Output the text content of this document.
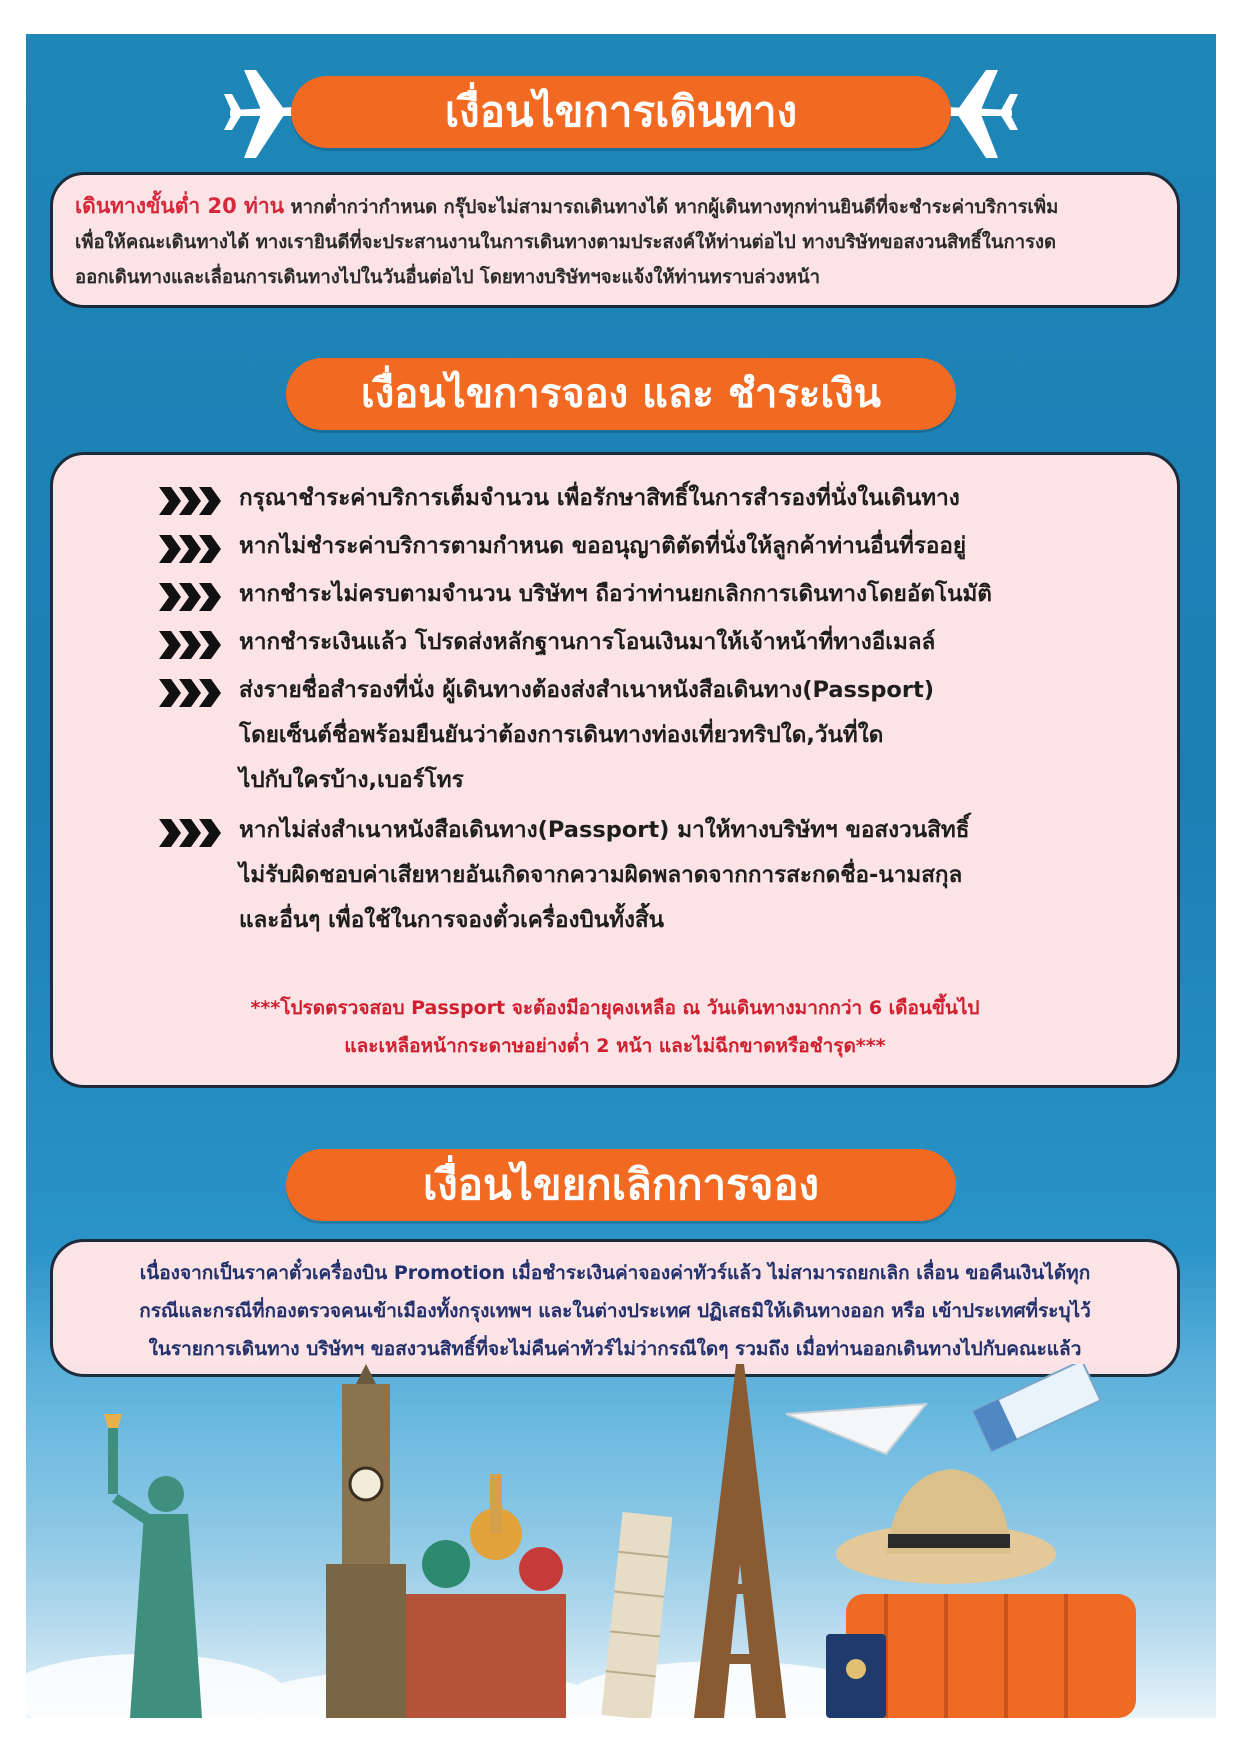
เงื่อนไขการเดินทาง

เดินทางขั้นต่ำ 20 ท่าน หากต่ำกว่ากำหนด กรุ๊ปจะไม่สามารถเดินทางได้ หากผู้เดินทางทุกท่านยินดีที่จะชำระค่าบริการเพิ่ม

เพื่อให้คณะเดินทางได้ ทางเรายินดีที่จะประสานงานในการเดินทางตามประสงค์ให้ท่านต่อไป ทางบริษัทขอสงวนสิทธิ์ในการงด

ออกเดินทางและเลื่อนการเดินทางไปในวันอื่นต่อไป โดยทางบริษัทฯจะแจ้งให้ท่านทราบล่วงหน้า

เงื่อนไขการจอง และ ชำระเงิน
กรุณาชำระค่าบริการเต็มจำนวน เพื่อรักษาสิทธิ์ในการสำรองที่นั่งในเดินทาง
หากไม่ชำระค่าบริการตามกำหนด ขออนุญาติตัดที่นั่งให้ลูกค้าท่านอื่นที่รออยู่
หากชำระไม่ครบตามจำนวน บริษัทฯ ถือว่าท่านยกเลิกการเดินทางโดยอัตโนมัติ
หากชำระเงินแล้ว โปรดส่งหลักฐานการโอนเงินมาให้เจ้าหน้าที่ทางอีเมลล์
ส่งรายชื่อสำรองที่นั่ง ผู้เดินทางต้องส่งสำเนาหนังสือเดินทาง(Passport)
โดยเซ็นต์ชื่อพร้อมยืนยันว่าต้องการเดินทางท่องเที่ยวทริปใด,วันที่ใด
ไปกับใครบ้าง,เบอร์โทร
หากไม่ส่งสำเนาหนังสือเดินทาง(Passport) มาให้ทางบริษัทฯ ขอสงวนสิทธิ์
ไม่รับผิดชอบค่าเสียหายอันเกิดจากความผิดพลาดจากการสะกดชื่อ-นามสกุล
และอื่นๆ เพื่อใช้ในการจองตั๋วเครื่องบินทั้งสิ้น
***โปรดตรวจสอบ Passport จะต้องมีอายุคงเหลือ ณ วันเดินทางมากกว่า 6 เดือนขึ้นไป
และเหลือหน้ากระดาษอย่างต่ำ 2 หน้า และไม่ฉีกขาดหรือชำรุด***
เงื่อนไขยกเลิกการจอง
เนื่องจากเป็นราคาตั๋วเครื่องบิน Promotion เมื่อชำระเงินค่าจองค่าทัวร์แล้ว ไม่สามารถยกเลิก เลื่อน ขอคืนเงินได้ทุก
กรณีและกรณีที่กองตรวจคนเข้าเมืองทั้งกรุงเทพฯ และในต่างประเทศ ปฏิเสธมิให้เดินทางออก หรือ เข้าประเทศที่ระบุไว้
ในรายการเดินทาง บริษัทฯ ขอสงวนสิทธิ์ที่จะไม่คืนค่าทัวร์ไม่ว่ากรณีใดๆ รวมถึง เมื่อท่านออกเดินทางไปกับคณะแล้ว
